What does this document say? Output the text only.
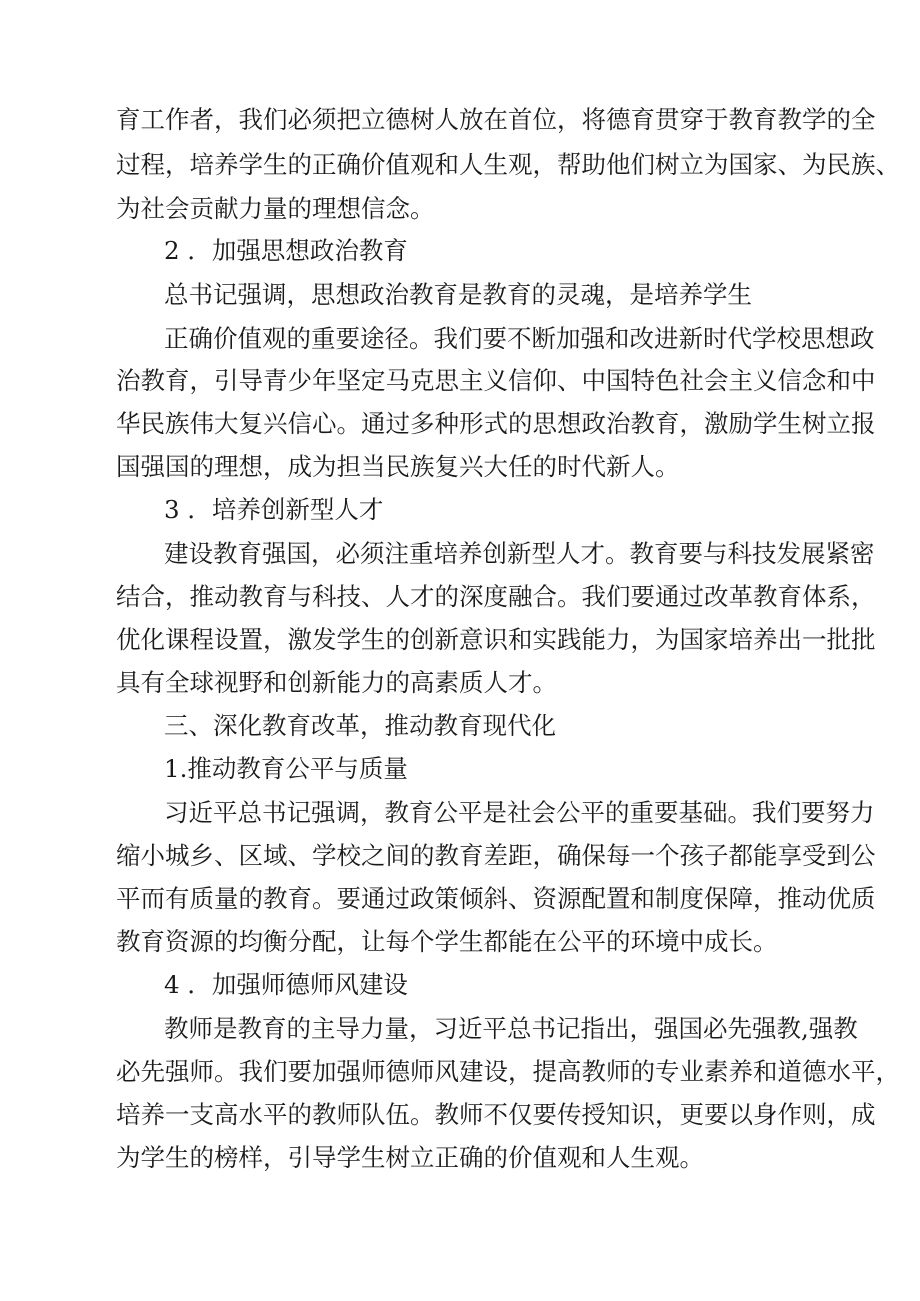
育工作者，我们必须把立德树人放在首位，将德育贯穿于教育教学的全
过程，培养学生的正确价值观和人生观，帮助他们树立为国家、为民族、
为社会贡献力量的理想信念。
2 ．加强思想政治教育
总书记强调，思想政治教育是教育的灵魂，是培养学生
正确价值观的重要途径。我们要不断加强和改进新时代学校思想政
治教育，引导青少年坚定马克思主义信仰、中国特色社会主义信念和中
华民族伟大复兴信心。通过多种形式的思想政治教育，激励学生树立报
国强国的理想，成为担当民族复兴大任的时代新人。
3 ．培养创新型人才
建设教育强国，必须注重培养创新型人才。教育要与科技发展紧密
结合，推动教育与科技、人才的深度融合。我们要通过改革教育体系，
优化课程设置，激发学生的创新意识和实践能力，为国家培养出一批批
具有全球视野和创新能力的高素质人才。
三、深化教育改革，推动教育现代化
1.推动教育公平与质量
习近平总书记强调，教育公平是社会公平的重要基础。我们要努力
缩小城乡、区域、学校之间的教育差距，确保每一个孩子都能享受到公
平而有质量的教育。要通过政策倾斜、资源配置和制度保障，推动优质
教育资源的均衡分配，让每个学生都能在公平的环境中成长。
4 ．加强师德师风建设
教师是教育的主导力量，习近平总书记指出，强国必先强教,强教
必先强师。我们要加强师德师风建设，提高教师的专业素养和道德水平，
培养一支高水平的教师队伍。教师不仅要传授知识，更要以身作则，成
为学生的榜样，引导学生树立正确的价值观和人生观。
